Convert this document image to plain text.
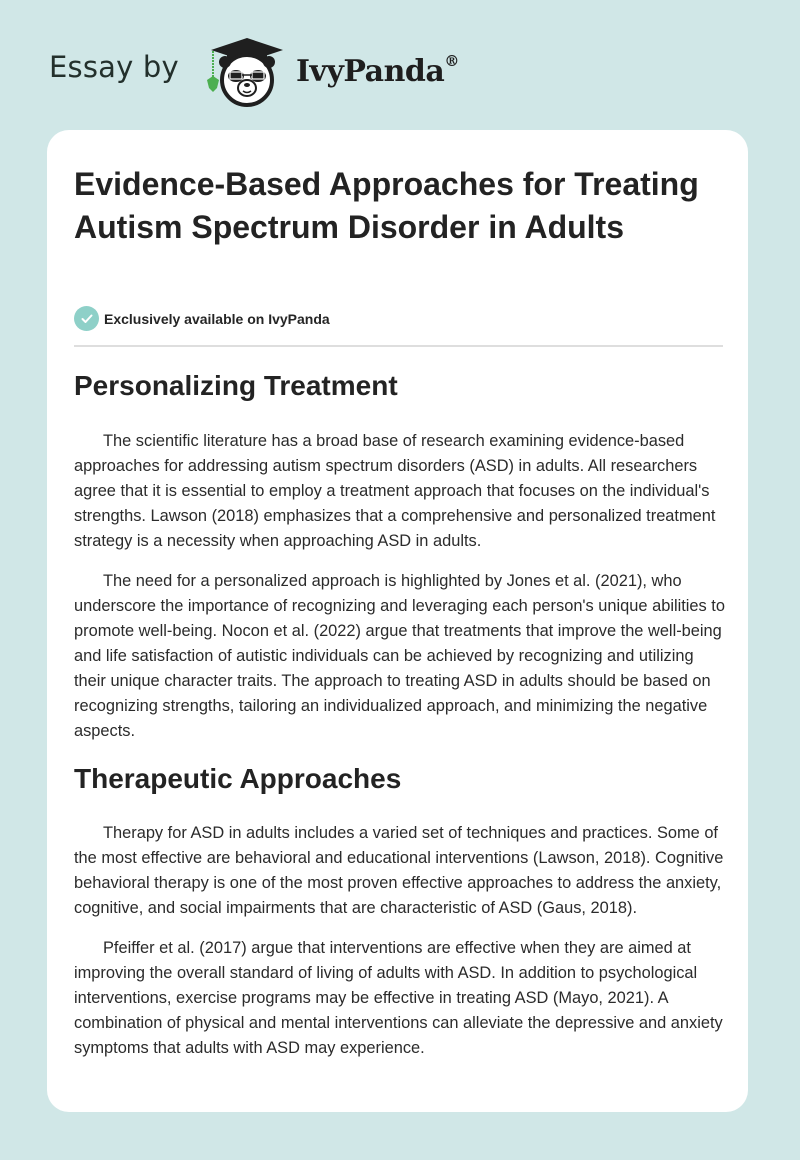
Essay by	IvyPanda®
Evidence-Based Approaches for Treating Autism Spectrum Disorder in Adults
Exclusively available on IvyPanda
Personalizing Treatment

The scientific literature has a broad base of research examining evidence-based approaches for addressing autism spectrum disorders (ASD) in adults. All researchers agree that it is essential to employ a treatment approach that focuses on the individual's strengths. Lawson (2018) emphasizes that a comprehensive and personalized treatment strategy is a necessity when approaching ASD in adults.

The need for a personalized approach is highlighted by Jones et al. (2021), who underscore the importance of recognizing and leveraging each person's unique abilities to promote well-being. Nocon et al. (2022) argue that treatments that improve the well-being and life satisfaction of autistic individuals can be achieved by recognizing and utilizing their unique character traits. The approach to treating ASD in adults should be based on recognizing strengths, tailoring an individualized approach, and minimizing the negative aspects.

Therapeutic Approaches

Therapy for ASD in adults includes a varied set of techniques and practices. Some of the most effective are behavioral and educational interventions (Lawson, 2018). Cognitive behavioral therapy is one of the most proven effective approaches to address the anxiety, cognitive, and social impairments that are characteristic of ASD (Gaus, 2018).

Pfeiffer et al. (2017) argue that interventions are effective when they are aimed at improving the overall standard of living of adults with ASD. In addition to psychological interventions, exercise programs may be effective in treating ASD (Mayo, 2021). A combination of physical and mental interventions can alleviate the depressive and anxiety symptoms that adults with ASD may experience.
